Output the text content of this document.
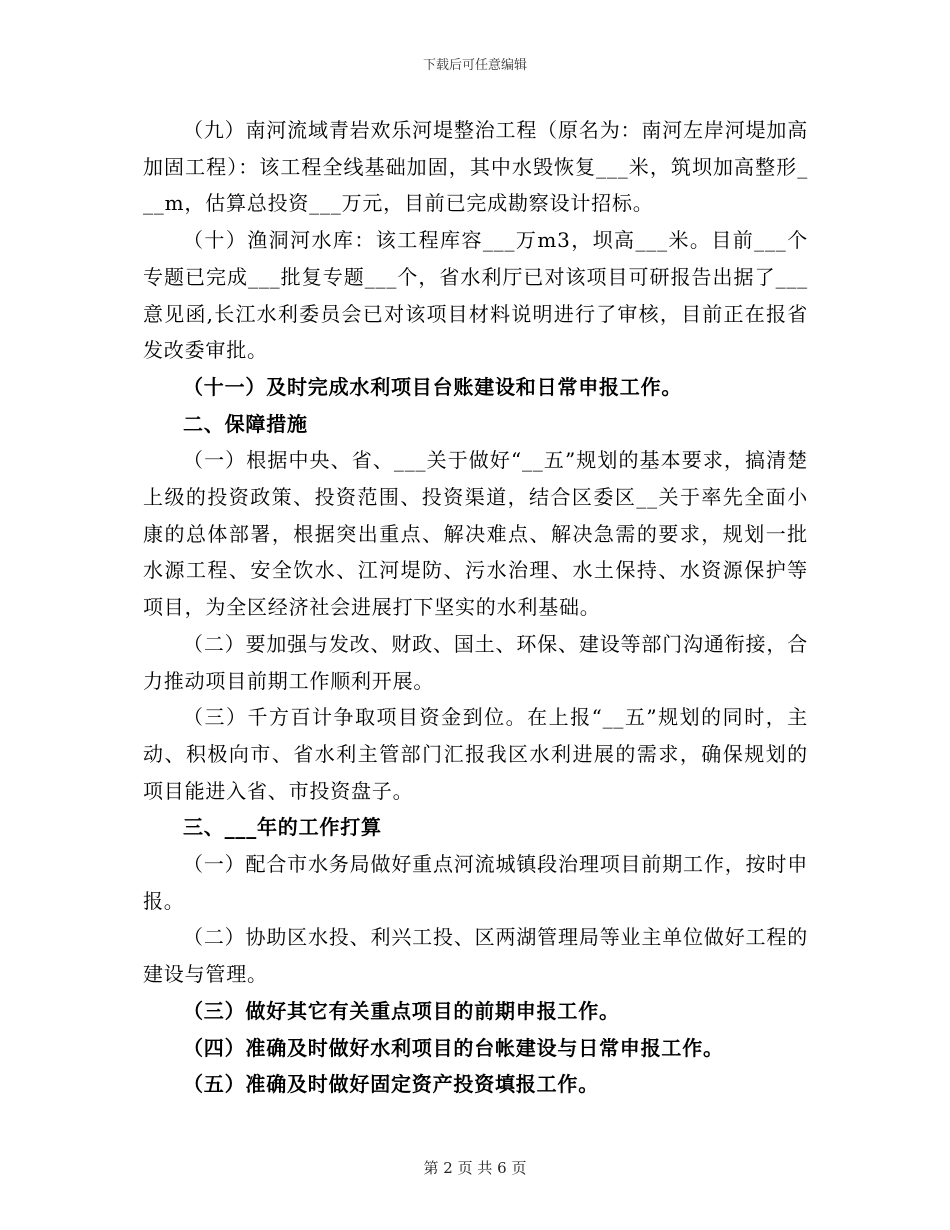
下载后可任意编辑

（九）南河流域青岩欢乐河堤整治工程（原名为：南河左岸河堤加高加固工程）：该工程全线基础加固，其中水毁恢复___米，筑坝加高整形___m，估算总投资___万元，目前已完成勘察设计招标。

（十）渔洞河水库：该工程库容___万m3，坝高___米。目前___个专题已完成___批复专题___个，省水利厅已对该项目可研报告出据了___意见函,长江水利委员会已对该项目材料说明进行了审核，目前正在报省发改委审批。

（十一）及时完成水利项目台账建设和日常申报工作。

二、保障措施

（一）根据中央、省、___关于做好“__五”规划的基本要求，搞清楚上级的投资政策、投资范围、投资渠道，结合区委区__关于率先全面小康的总体部署，根据突出重点、解决难点、解决急需的要求，规划一批水源工程、安全饮水、江河堤防、污水治理、水土保持、水资源保护等项目，为全区经济社会进展打下坚实的水利基础。

（二）要加强与发改、财政、国土、环保、建设等部门沟通衔接，合力推动项目前期工作顺利开展。

（三）千方百计争取项目资金到位。在上报“__五”规划的同时，主动、积极向市、省水利主管部门汇报我区水利进展的需求，确保规划的项目能进入省、市投资盘子。

三、___年的工作打算

（一）配合市水务局做好重点河流城镇段治理项目前期工作，按时申报。

（二）协助区水投、利兴工投、区两湖管理局等业主单位做好工程的建设与管理。

（三）做好其它有关重点项目的前期申报工作。

（四）准确及时做好水利项目的台帐建设与日常申报工作。

（五）准确及时做好固定资产投资填报工作。

第 2 页 共 6 页
